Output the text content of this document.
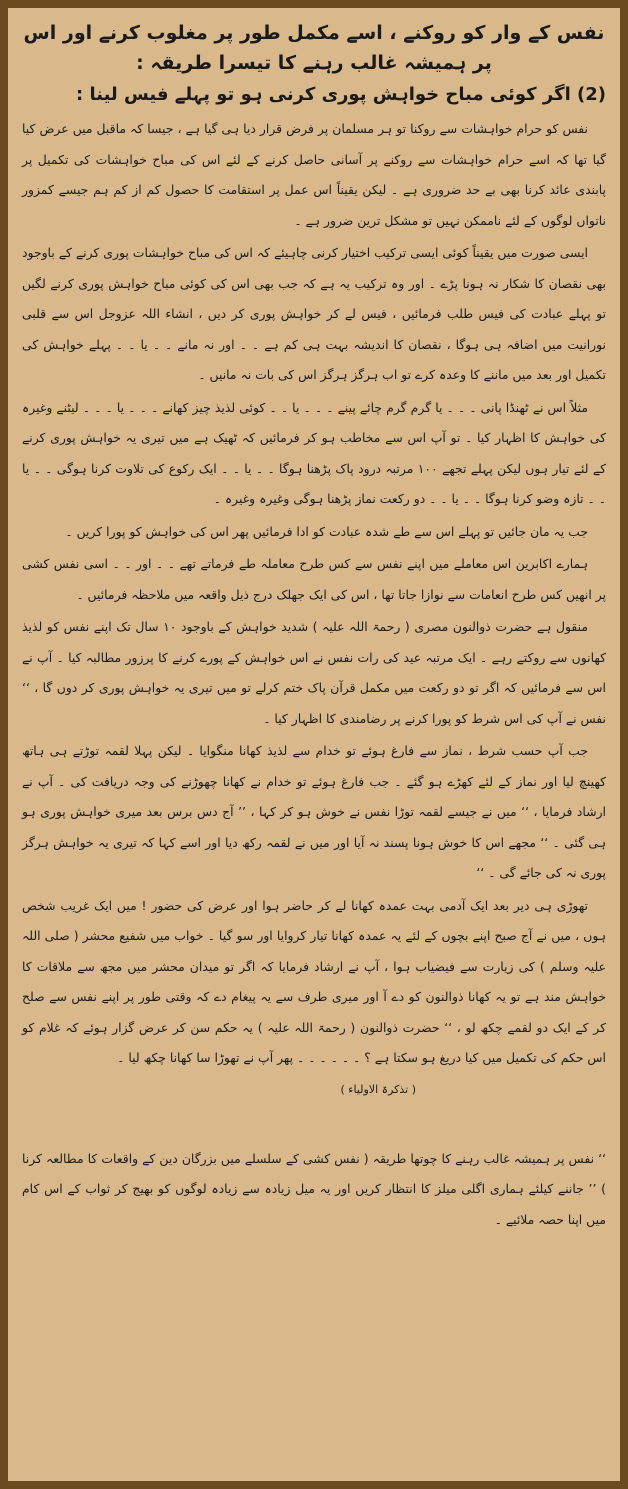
نفس کے وار کو روکنے ، اسے مکمل طور پر مغلوب کرنے اور اس پر ہمیشہ غالب رہنے کا تیسرا طریقہ :
(2) اگر کوئی مباح خواہش پوری کرنی ہو تو پہلے فیس لینا :

نفس کو حرام خواہشات سے روکنا تو ہر مسلمان پر فرض قرار دیا ہی گیا ہے ، جیسا کہ ماقبل میں عرض کیا گیا تھا کہ اسے حرام خواہشات سے روکنے پر آسانی حاصل کرنے کے لئے اس کی مباح خواہشات کی تکمیل پر پابندی عائد کرنا بھی بے حد ضروری ہے ۔ لیکن یقیناً اس عمل پر استقامت کا حصول کم از کم ہم جیسے کمزور ناتواں لوگوں کے لئے ناممکن نہیں تو مشکل ترین ضرور ہے ۔

ایسی صورت میں یقیناً کوئی ایسی ترکیب اختیار کرنی چاہیئے کہ اس کی مباح خواہشات پوری کرنے کے باوجود بھی نقصان کا شکار نہ ہونا پڑے ۔ اور وہ ترکیب یہ ہے کہ جب بھی اس کی کوئی مباح خواہش پوری کرنے لگیں تو پہلے عبادت کی فیس طلب فرمائیں ، فیس لے کر خواہش پوری کر دیں ، انشاء اللہ عزوجل اس سے قلبی نورانیت میں اضافہ ہی ہوگا ، نقصان کا اندیشہ بہت ہی کم ہے ۔ ۔ اور نہ مانے ۔ ۔ یا ۔ ۔ پہلے خواہش کی تکمیل اور بعد میں ماننے کا وعدہ کرے تو اب ہرگز ہرگز اس کی بات نہ مانیں ۔

مثلاً اس نے ٹھنڈا پانی ۔ ۔ ۔ یا گرم گرم چائے پینے ۔ ۔ ۔ یا ۔ ۔ کوئی لذیذ چیز کھانے ۔ ۔ ۔ یا ۔ ۔ ۔ لیٹنے وغیرہ کی خواہش کا اظہار کیا ۔ تو آپ اس سے مخاطب ہو کر فرمائیں کہ ٹھیک ہے میں تیری یہ خواہش پوری کرنے کے لئے تیار ہوں لیکن پہلے تجھے ۱۰۰ مرتبہ درود پاک پڑھنا ہوگا ۔ ۔ یا ۔ ۔ ایک رکوع کی تلاوت کرنا ہوگی ۔ ۔ یا ۔ ۔ تازہ وضو کرنا ہوگا ۔ ۔ یا ۔ ۔ دو رکعت نماز پڑھنا ہوگی وغیرہ وغیرہ ۔

جب یہ مان جائیں تو پہلے اس سے طے شدہ عبادت کو ادا فرمائیں پھر اس کی خواہش کو پورا کریں ۔

ہمارے اکابرین اس معاملے میں اپنے نفس سے کس طرح معاملہ طے فرماتے تھے ۔ ۔ اور ۔ ۔ اسی نفس کشی پر انھیں کس طرح انعامات سے نوازا جاتا تھا ، اس کی ایک جھلک درج ذیل واقعہ میں ملاحظہ فرمائیں ۔

منقول ہے حضرت ذوالنون مصری ( رحمۃ اللہ علیہ ) شدید خواہش کے باوجود ۱۰ سال تک اپنے نفس کو لذیذ کھانوں سے روکتے رہے ۔ ایک مرتبہ عید کی رات نفس نے اس خواہش کے پورے کرنے کا پرزور مطالبہ کیا ۔ آپ نے اس سے فرمائیں کہ اگر تو دو رکعت میں مکمل قرآن پاک ختم کرلے تو میں تیری یہ خواہش پوری کر دوں گا ، ‘‘ نفس نے آپ کی اس شرط کو پورا کرنے پر رضامندی کا اظہار کیا ۔

جب آپ حسب شرط ، نماز سے فارغ ہوئے تو خدام سے لذیذ کھانا منگوایا ۔ لیکن پہلا لقمہ توڑتے ہی ہاتھ کھینچ لیا اور نماز کے لئے کھڑے ہو گئے ۔ جب فارغ ہوئے تو خدام نے کھانا چھوڑنے کی وجہ دریافت کی ۔ آپ نے ارشاد فرمایا ، ‘‘ میں نے جیسے لقمہ توڑا نفس نے خوش ہو کر کہا ، ’’ آج دس برس بعد میری خواہش پوری ہو ہی گئی ۔ ‘‘ مجھے اس کا خوش ہونا پسند نہ آیا اور میں نے لقمہ رکھ دیا اور اسے کہا کہ تیری یہ خواہش ہرگز پوری نہ کی جائے گی ۔ ‘‘

تھوڑی ہی دیر بعد ایک آدمی بہت عمدہ کھانا لے کر حاضر ہوا اور عرض کی حضور ! میں ایک غریب شخص ہوں ، میں نے آج صبح اپنے بچوں کے لئے یہ عمدہ کھانا تیار کروایا اور سو گیا ۔ خواب میں شفیع محشر ( صلی اللہ علیہ وسلم ) کی زیارت سے فیضیاب ہوا ، آپ نے ارشاد فرمایا کہ اگر تو میدان محشر میں مجھ سے ملاقات کا خواہش مند ہے تو یہ کھانا ذوالنون کو دے آ اور میری طرف سے یہ پیغام دے کہ وقتی طور پر اپنے نفس سے صلح کر کے ایک دو لقمے چکھ لو ، ‘‘ حضرت ذوالنون ( رحمۃ اللہ علیہ ) یہ حکم سن کر عرض گزار ہوئے کہ غلام کو اس حکم کی تکمیل میں کیا دریغ ہو سکتا ہے ؟ ۔ ۔ ۔ ۔ ۔ ۔ پھر آپ نے تھوڑا سا کھانا چکھ لیا ۔

( تذکرۃ الاولیاء )

‘‘ نفس پر ہمیشہ غالب رہنے کا چوتھا طریقہ ( نفس کشی کے سلسلے میں بزرگان دین کے واقعات کا مطالعہ کرنا ) ’’ جاننے کیلئے ہماری اگلی میلز کا انتظار کریں اور یہ میل زیادہ سے زیادہ لوگوں کو بھیج کر ثواب کے اس کام میں اپنا حصہ ملائیے ۔
